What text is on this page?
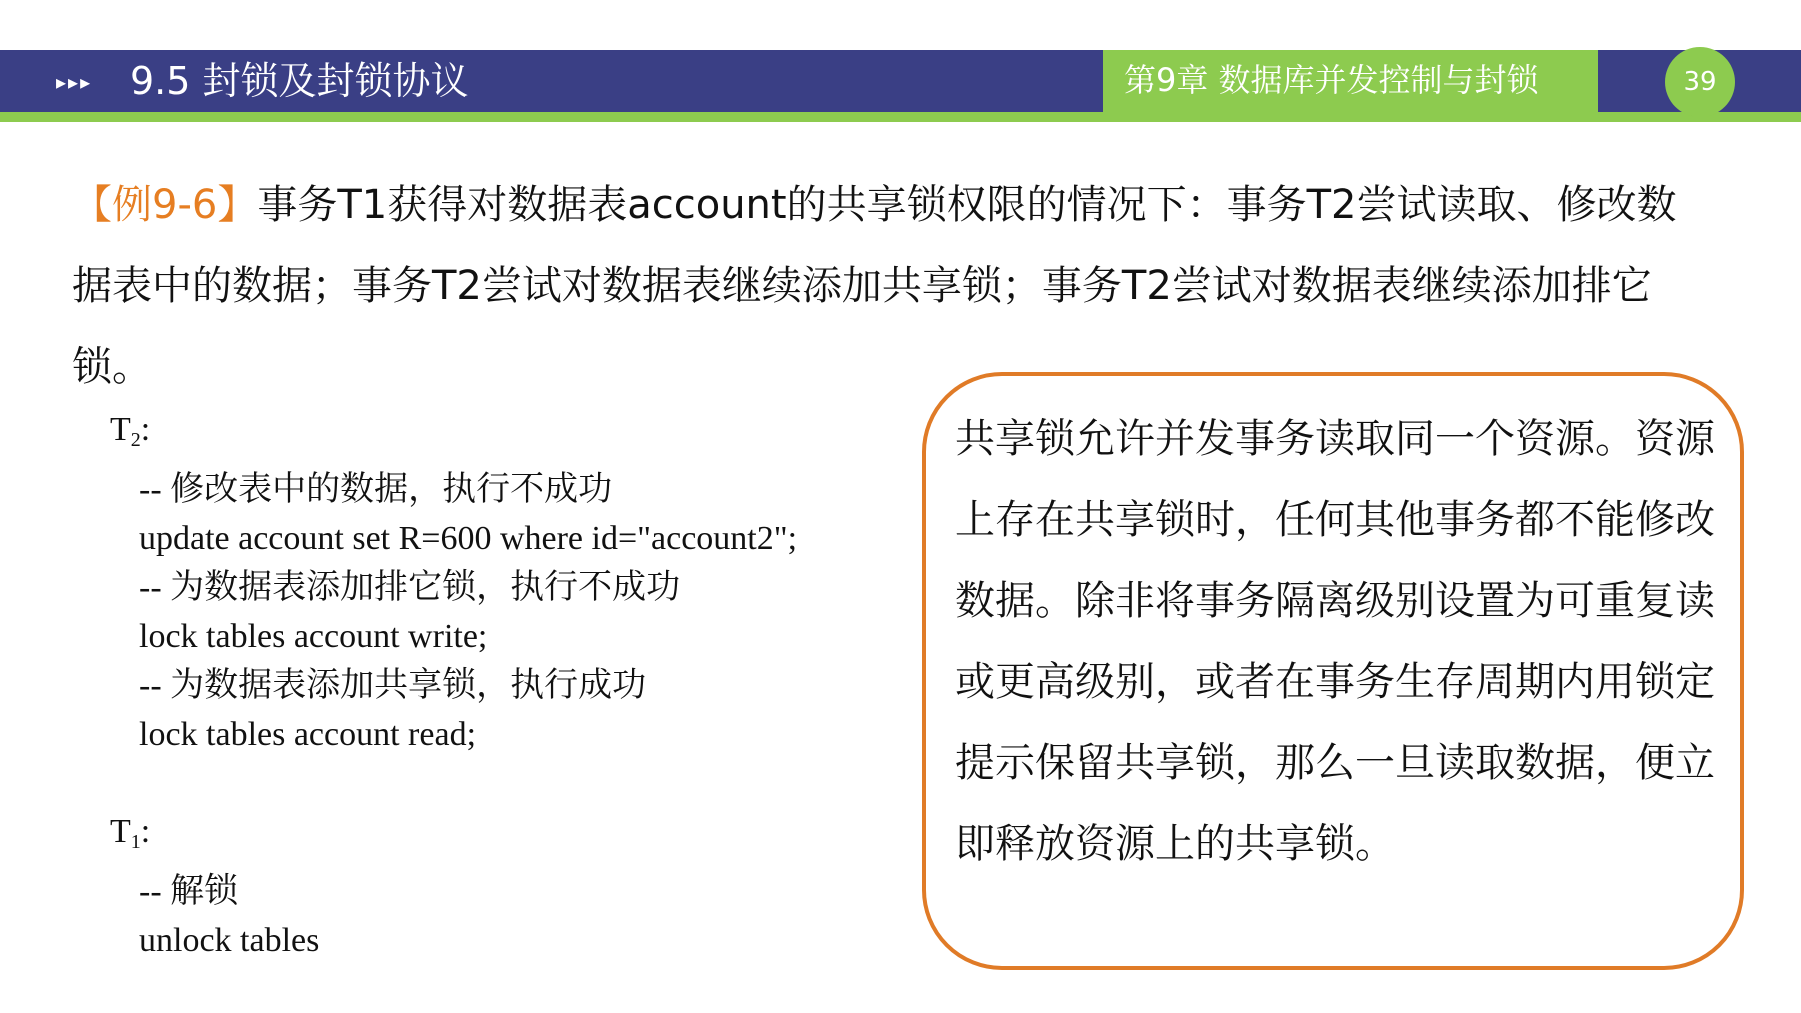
▸▸▸ 9.5 封锁及封锁协议	第9章 数据库并发控制与封锁	39
【例9-6】事务T1获得对数据表account的共享锁权限的情况下：事务T2尝试读取、修改数据表中的数据；事务T2尝试对数据表继续添加共享锁；事务T2尝试对数据表继续添加排它锁。
$T_2$:
-- 修改表中的数据，执行不成功
update account set R=600 where id="account2";
-- 为数据表添加排它锁，执行不成功
lock tables account write;
-- 为数据表添加共享锁，执行成功
lock tables account read;
$T_1$:
-- 解锁
unlock tables
共享锁允许并发事务读取同一个资源。资源上存在共享锁时，任何其他事务都不能修改数据。除非将事务隔离级别设置为可重复读或更高级别，或者在事务生存周期内用锁定提示保留共享锁，那么一旦读取数据，便立即释放资源上的共享锁。
